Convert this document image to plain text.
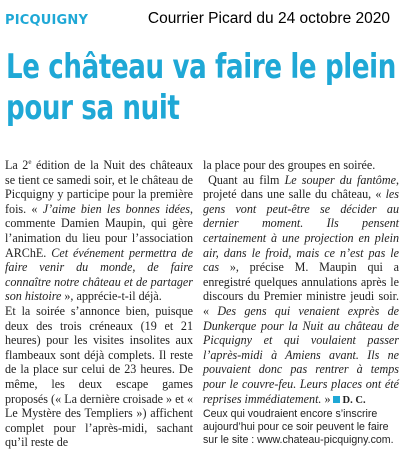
PICQUIGNY	Courrier Picard du 24 octobre 2020
Le château va faire le plein
pour sa nuit

La 2e édition de la Nuit des châteaux se tient ce samedi soir, et le château de Picquigny y participe pour la première fois. « J’aime bien les bonnes idées, commente Damien Maupin, qui gère l’animation du lieu pour l’association ARChE. Cet événement permettra de faire venir du monde, de faire connaître notre château et de partager son histoire », apprécie-t-il déjà.

Et la soirée s’annonce bien, puisque deux des trois créneaux (19 et 21 heures) pour les visites insolites aux flambeaux sont déjà complets. Il reste de la place sur celui de 23 heures. De même, les deux escape games proposés (« La dernière croisade » et « Le Mystère des Templiers ») affichent complet pour l’après-midi, sachant qu’il reste de

la place pour des groupes en soirée.

Quant au film Le souper du fantôme, projeté dans une salle du château, « les gens vont peut-être se décider au dernier moment. Ils pensent certainement à une projection en plein air, dans le froid, mais ce n’est pas le cas », précise M. Maupin qui a enregistré quelques annulations après le discours du Premier ministre jeudi soir. « Des gens qui venaient exprès de Dunkerque pour la Nuit au château de Picquigny et qui voulaient passer l’après-midi à Amiens avant. Ils ne pouvaient donc pas rentrer à temps pour le couvre-feu. Leurs places ont été reprises immédiatement. » D. C.

Ceux qui voudraient encore s’inscrire aujourd’hui pour ce soir peuvent le faire sur le site : www.chateau-picquigny.com.
